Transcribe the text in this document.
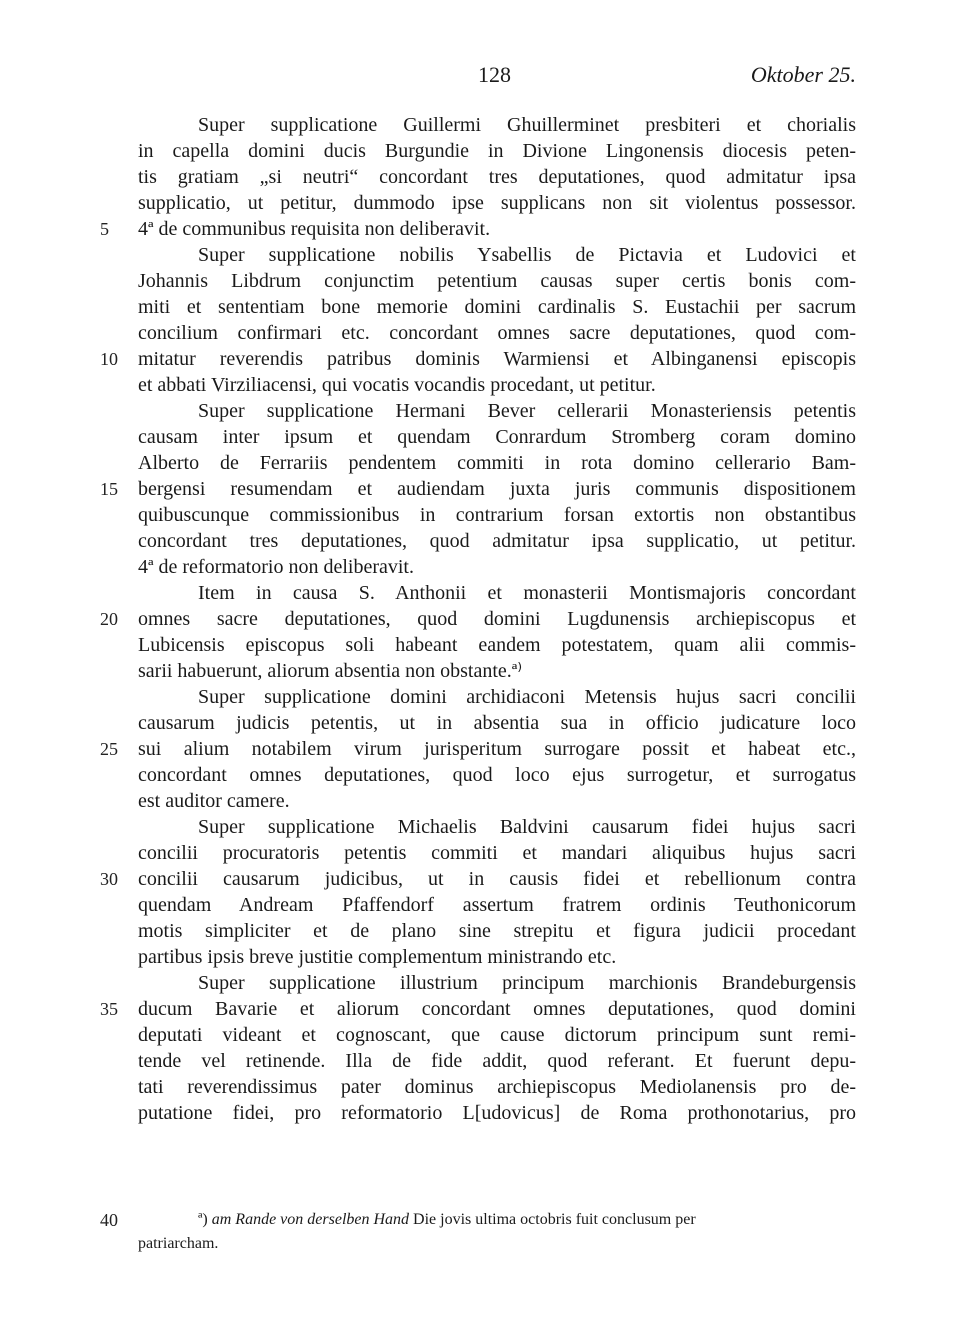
128	Oktober 25.
Super supplicatione Guillermi Ghuillerminet presbiteri et chorialis
in capella domini ducis Burgundie in Divione Lingonensis diocesis peten-
tis gratiam „si neutri“ concordant tres deputationes, quod admitatur ipsa
supplicatio, ut petitur, dummodo ipse supplicans non sit violentus possessor.
5 4ª de communibus requisita non deliberavit.
Super supplicatione nobilis Ysabellis de Pictavia et Ludovici et
Johannis Libdrum conjunctim petentium causas super certis bonis com-
miti et sententiam bone memorie domini cardinalis S. Eustachii per sacrum
concilium confirmari etc. concordant omnes sacre deputationes, quod com-
10 mitatur reverendis patribus dominis Warmiensi et Albinganensi episcopis
et abbati Virziliacensi, qui vocatis vocandis procedant, ut petitur.
Super supplicatione Hermani Bever cellerarii Monasteriensis petentis
causam inter ipsum et quendam Conrardum Stromberg coram domino
Alberto de Ferrariis pendentem commiti in rota domino cellerario Bam-
15 bergensi resumendam et audiendam juxta juris communis dispositionem
quibuscunque commissionibus in contrarium forsan extortis non obstantibus
concordant tres deputationes, quod admitatur ipsa supplicatio, ut petitur.
4ª de reformatorio non deliberavit.
Item in causa S. Anthonii et monasterii Montismajoris concordant
20 omnes sacre deputationes, quod domini Lugdunensis archiepiscopus et
Lubicensis episcopus soli habeant eandem potestatem, quam alii commis-
sarii habuerunt, aliorum absentia non obstante.ª⁾
Super supplicatione domini archidiaconi Metensis hujus sacri concilii
causarum judicis petentis, ut in absentia sua in officio judicature loco
25 sui alium notabilem virum jurisperitum surrogare possit et habeat etc.,
concordant omnes deputationes, quod loco ejus surrogetur, et surrogatus
est auditor camere.
Super supplicatione Michaelis Baldvini causarum fidei hujus sacri
concilii procuratoris petentis commiti et mandari aliquibus hujus sacri
30 concilii causarum judicibus, ut in causis fidei et rebellionum contra
quendam Andream Pfaffendorf assertum fratrem ordinis Teuthonicorum
motis simpliciter et de plano sine strepitu et figura judicii procedant
partibus ipsis breve justitie complementum ministrando etc.
Super supplicatione illustrium principum marchionis Brandeburgensis
35 ducum Bavarie et aliorum concordant omnes deputationes, quod domini
deputati videant et cognoscant, que cause dictorum principum sunt remi-
tende vel retinende. Illa de fide addit, quod referant. Et fuerunt depu-
tati reverendissimus pater dominus archiepiscopus Mediolanensis pro de-
putatione fidei, pro reformatorio L[udovicus] de Roma prothonotarius, pro
40	ª) am Rande von derselben Hand Die jovis ultima octobris fuit conclusum per
patriarcham.
